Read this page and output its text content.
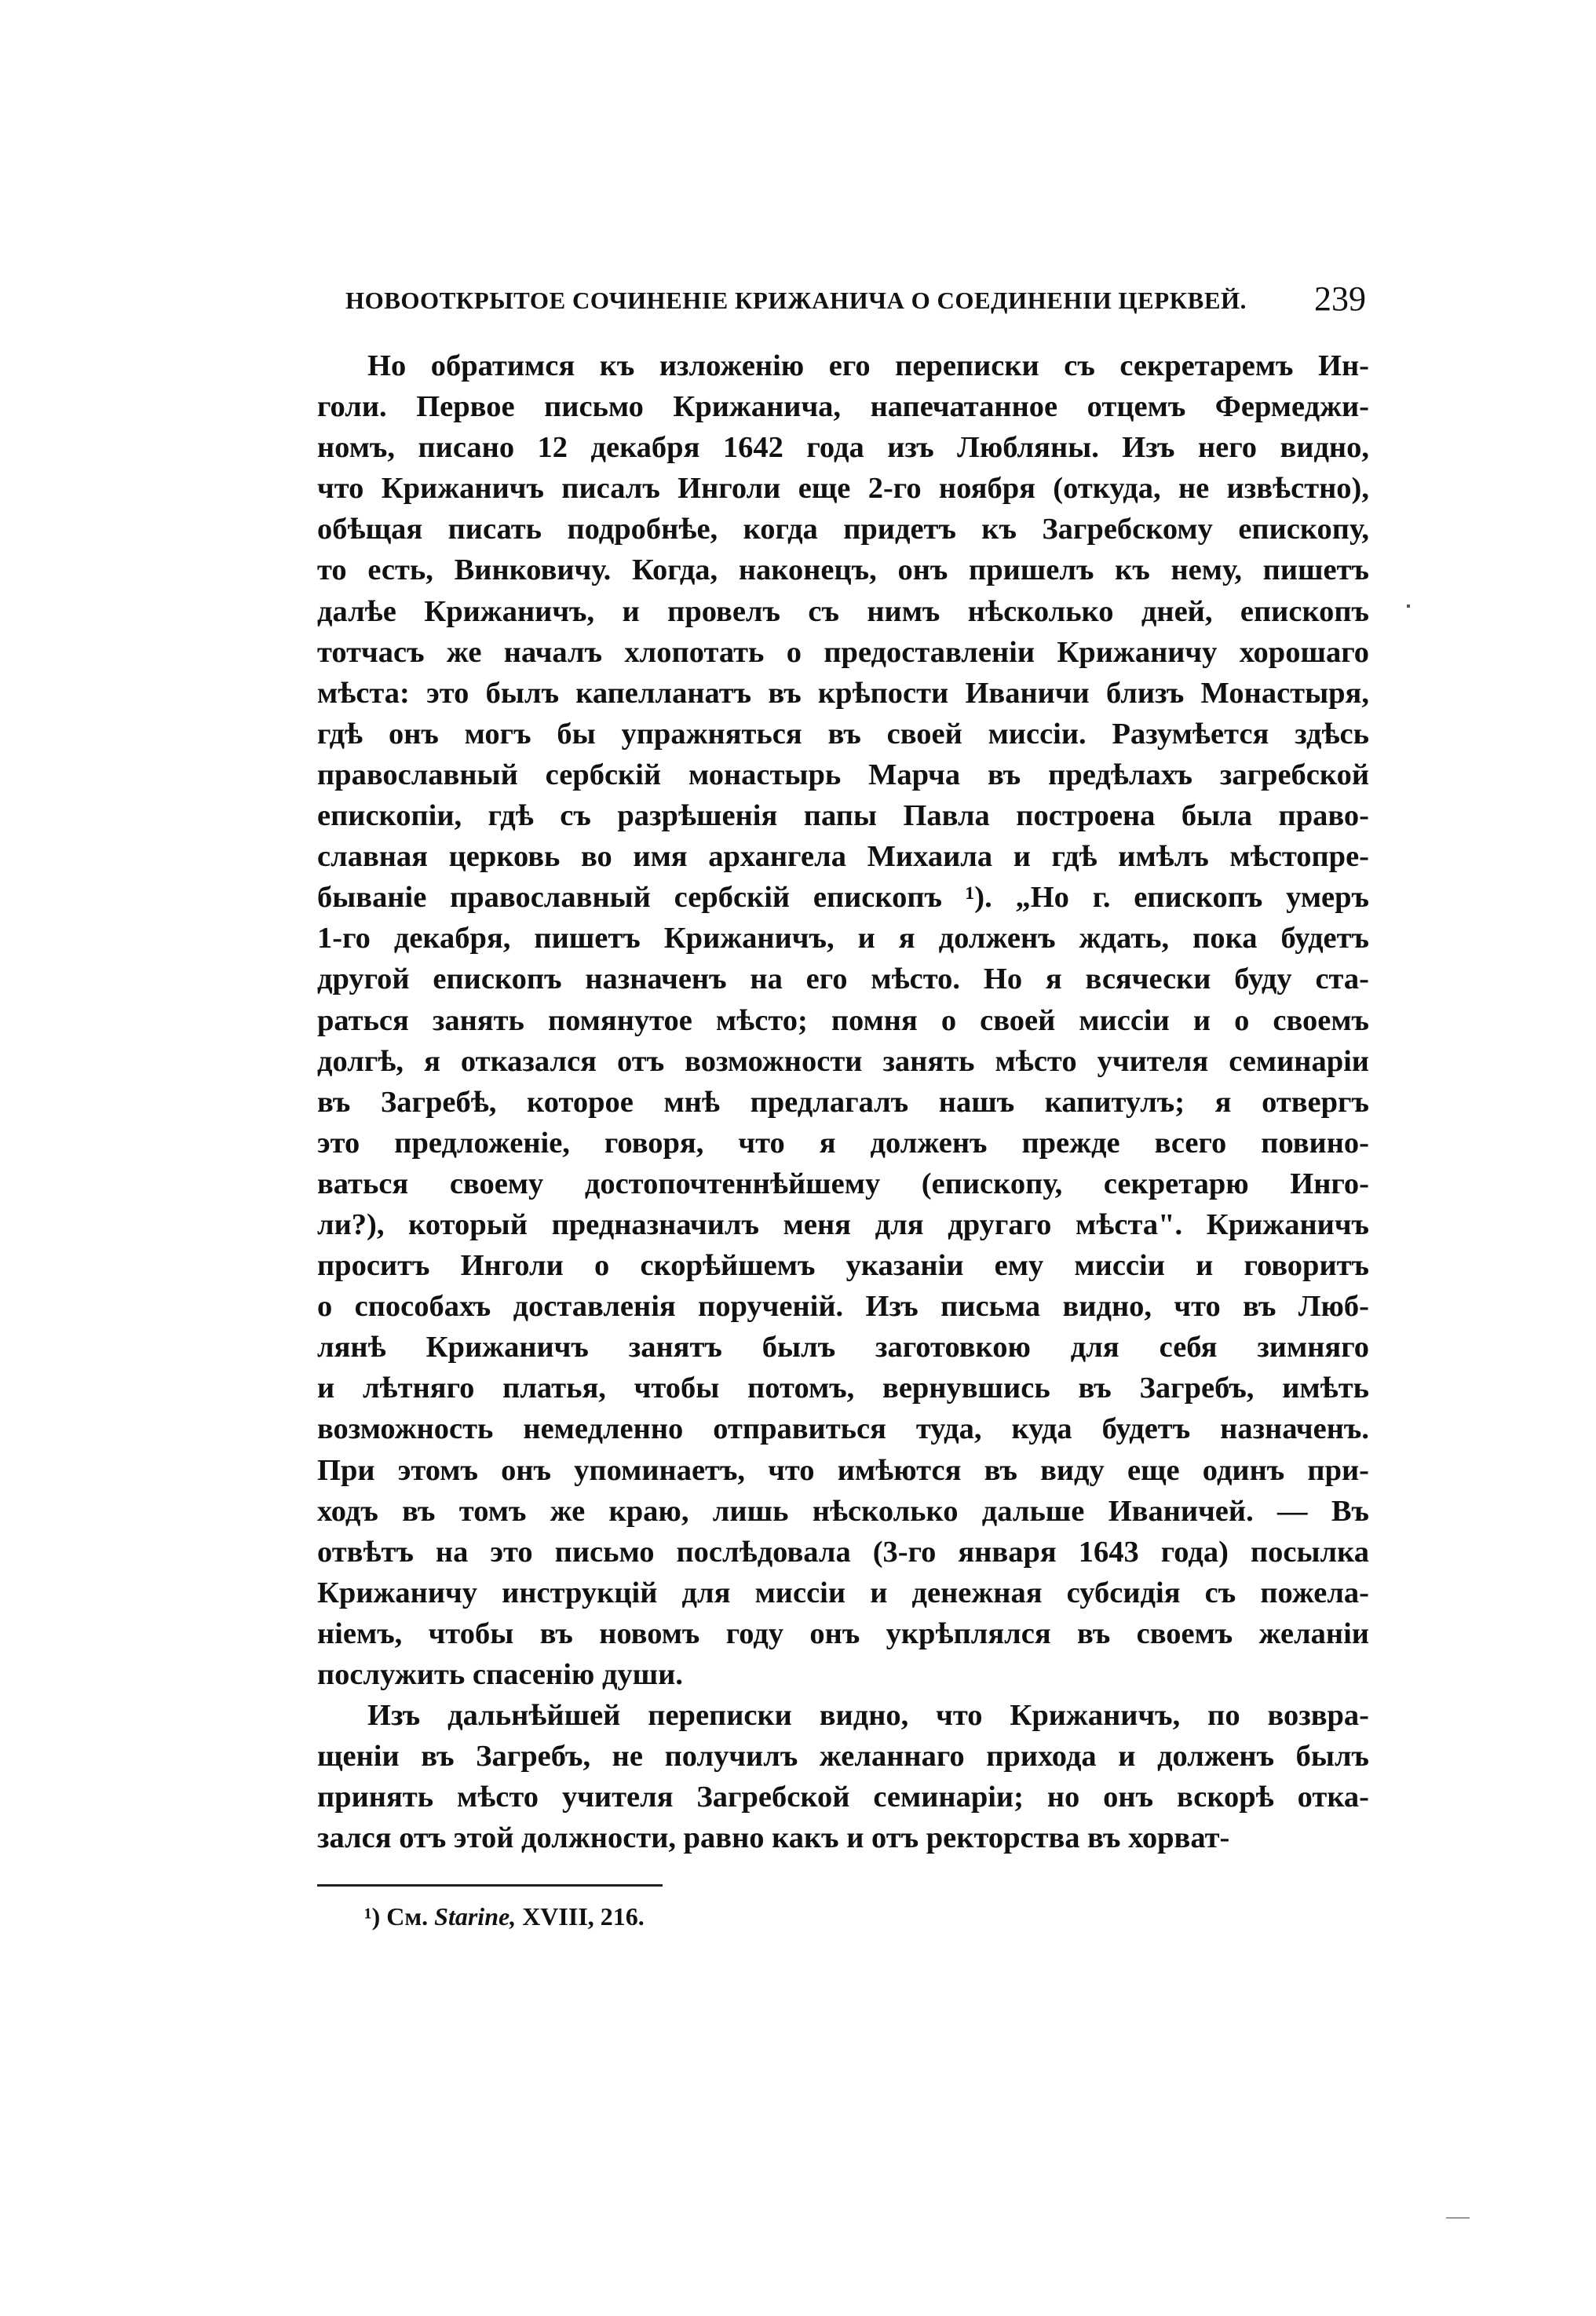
НОВООТКРЫТОЕ СОЧИНЕНІЕ КРИЖАНИЧА О СОЕДИНЕНІИ ЦЕРКВЕЙ. 239
Но обратимся къ изложенію его переписки съ секретаремъ Ин-
голи. Первое письмо Крижанича, напечатанное отцемъ Фермеджи-
номъ, писано 12 декабря 1642 года изъ Любляны. Изъ него видно,
что Крижаничъ писалъ Инголи еще 2-го ноября (откуда, не извѣстно),
обѣщая писать подробнѣе, когда придетъ къ Загребскому епископу,
то есть, Винковичу. Когда, наконецъ, онъ пришелъ къ нему, пишетъ
далѣе Крижаничъ, и провелъ съ нимъ нѣсколько дней, епископъ
тотчасъ же началъ хлопотать о предоставленіи Крижаничу хорошаго
мѣста: это былъ капелланатъ въ крѣпости Иваничи близъ Монастыря,
гдѣ онъ могъ бы упражняться въ своей миссіи. Разумѣется здѣсь
православный сербскій монастырь Марча въ предѣлахъ загребской
епископіи, гдѣ съ разрѣшенія папы Павла построена была право-
славная церковь во имя архангела Михаила и гдѣ имѣлъ мѣстопре-
бываніе православный сербскій епископъ ¹). „Но г. епископъ умеръ
1-го декабря, пишетъ Крижаничъ, и я долженъ ждать, пока будетъ
другой епископъ назначенъ на его мѣсто. Но я всячески буду ста-
раться занять помянутое мѣсто; помня о своей миссіи и о своемъ
долгѣ, я отказался отъ возможности занять мѣсто учителя семинаріи
въ Загребѣ, которое мнѣ предлагалъ нашъ капитулъ; я отвергъ
это предложеніе, говоря, что я долженъ прежде всего повино-
ваться своему достопочтеннѣйшему (епископу, секретарю Инго-
ли?), который предназначилъ меня для другаго мѣста". Крижаничъ
проситъ Инголи о скорѣйшемъ указаніи ему миссіи и говоритъ
о способахъ доставленія порученій. Изъ письма видно, что въ Люб-
лянѣ Крижаничъ занятъ былъ заготовкою для себя зимняго
и лѣтняго платья, чтобы потомъ, вернувшись въ Загребъ, имѣть
возможность немедленно отправиться туда, куда будетъ назначенъ.
При этомъ онъ упоминаетъ, что имѣются въ виду еще одинъ при-
ходъ въ томъ же краю, лишь нѣсколько дальше Иваничей. — Въ
отвѣтъ на это письмо послѣдовала (3-го января 1643 года) посылка
Крижаничу инструкцій для миссіи и денежная субсидія съ пожела-
ніемъ, чтобы въ новомъ году онъ укрѣплялся въ своемъ желаніи
послужить спасенію души.
Изъ дальнѣйшей переписки видно, что Крижаничъ, по возвра-
щеніи въ Загребъ, не получилъ желаннаго прихода и долженъ былъ
принять мѣсто учителя Загребской семинаріи; но онъ вскорѣ отка-
зался отъ этой должности, равно какъ и отъ ректорства въ хорват-
¹) См. Starine, XVIII, 216.
